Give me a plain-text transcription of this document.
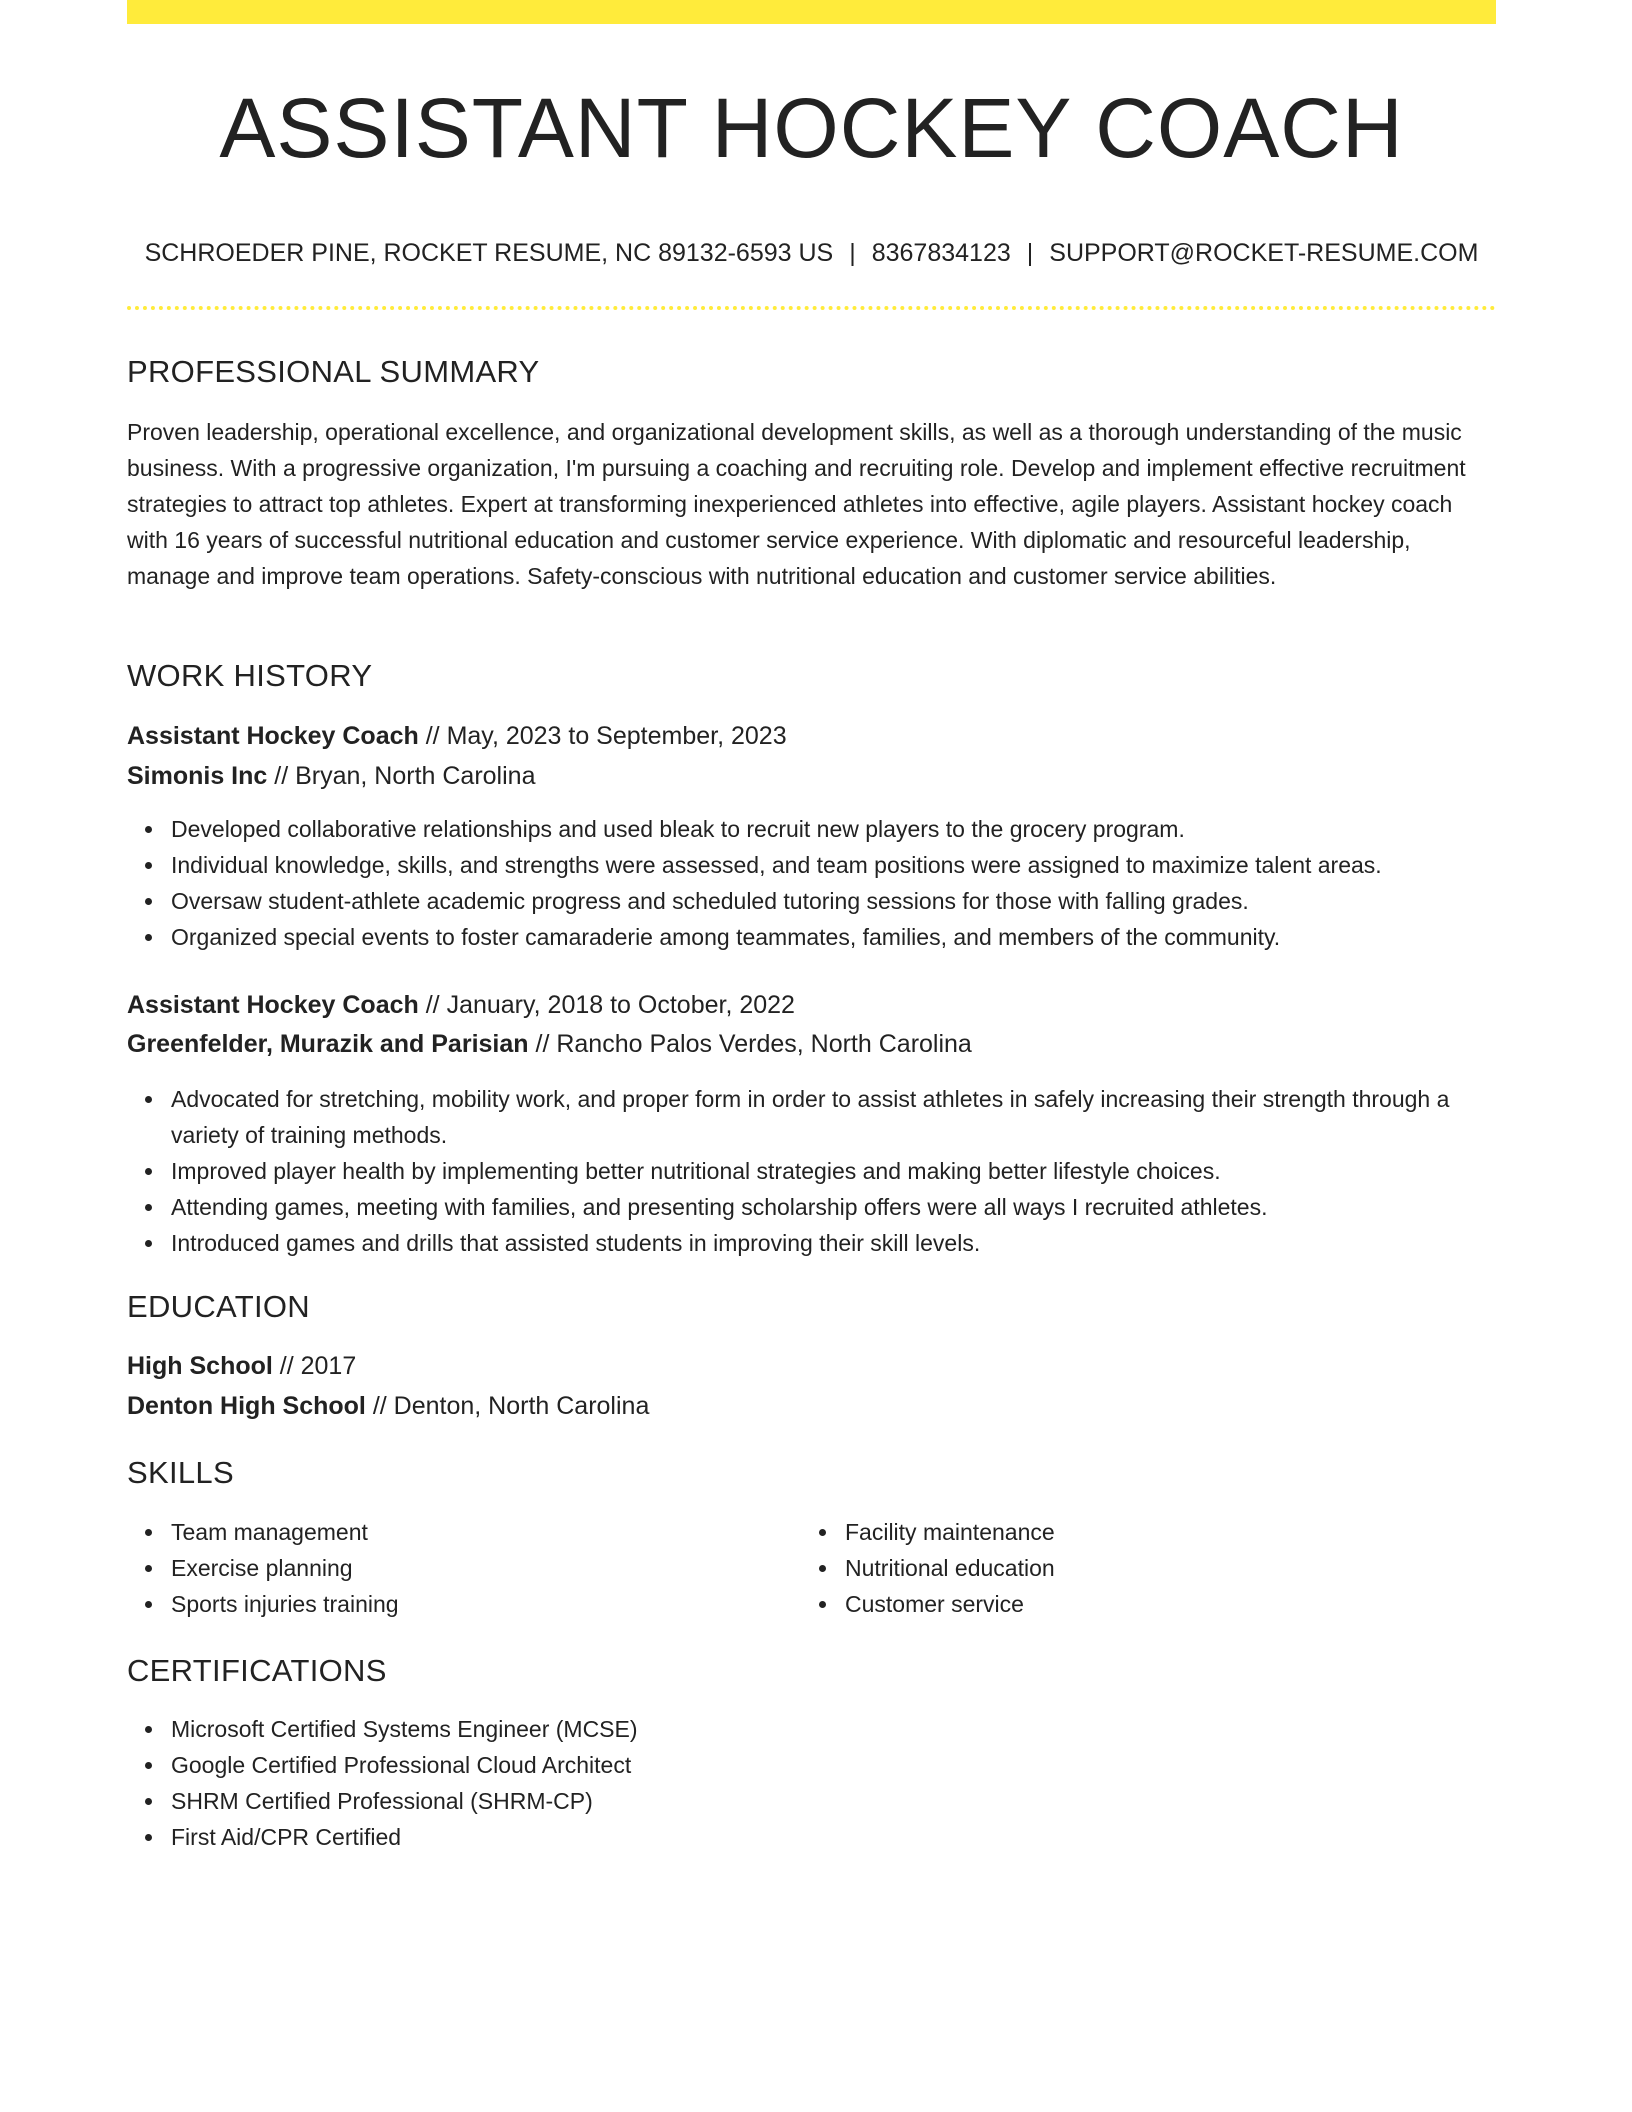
ASSISTANT HOCKEY COACH
SCHROEDER PINE, ROCKET RESUME, NC 89132-6593 US | 8367834123 | SUPPORT@ROCKET-RESUME.COM
PROFESSIONAL SUMMARY

Proven leadership, operational excellence, and organizational development skills, as well as a thorough understanding of the music business. With a progressive organization, I'm pursuing a coaching and recruiting role. Develop and implement effective recruitment strategies to attract top athletes. Expert at transforming inexperienced athletes into effective, agile players. Assistant hockey coach with 16 years of successful nutritional education and customer service experience. With diplomatic and resourceful leadership, manage and improve team operations. Safety-conscious with nutritional education and customer service abilities.

WORK HISTORY
Assistant Hockey Coach // May, 2023 to September, 2023
Simonis Inc // Bryan, North Carolina
Developed collaborative relationships and used bleak to recruit new players to the grocery program.
Individual knowledge, skills, and strengths were assessed, and team positions were assigned to maximize talent areas.
Oversaw student-athlete academic progress and scheduled tutoring sessions for those with falling grades.
Organized special events to foster camaraderie among teammates, families, and members of the community.
Assistant Hockey Coach // January, 2018 to October, 2022
Greenfelder, Murazik and Parisian // Rancho Palos Verdes, North Carolina
Advocated for stretching, mobility work, and proper form in order to assist athletes in safely increasing their strength through a variety of training methods.
Improved player health by implementing better nutritional strategies and making better lifestyle choices.
Attending games, meeting with families, and presenting scholarship offers were all ways I recruited athletes.
Introduced games and drills that assisted students in improving their skill levels.
EDUCATION
High School // 2017
Denton High School // Denton, North Carolina
SKILLS
Team management
Exercise planning
Sports injuries training
Facility maintenance
Nutritional education
Customer service
CERTIFICATIONS
Microsoft Certified Systems Engineer (MCSE)
Google Certified Professional Cloud Architect
SHRM Certified Professional (SHRM-CP)
First Aid/CPR Certified
